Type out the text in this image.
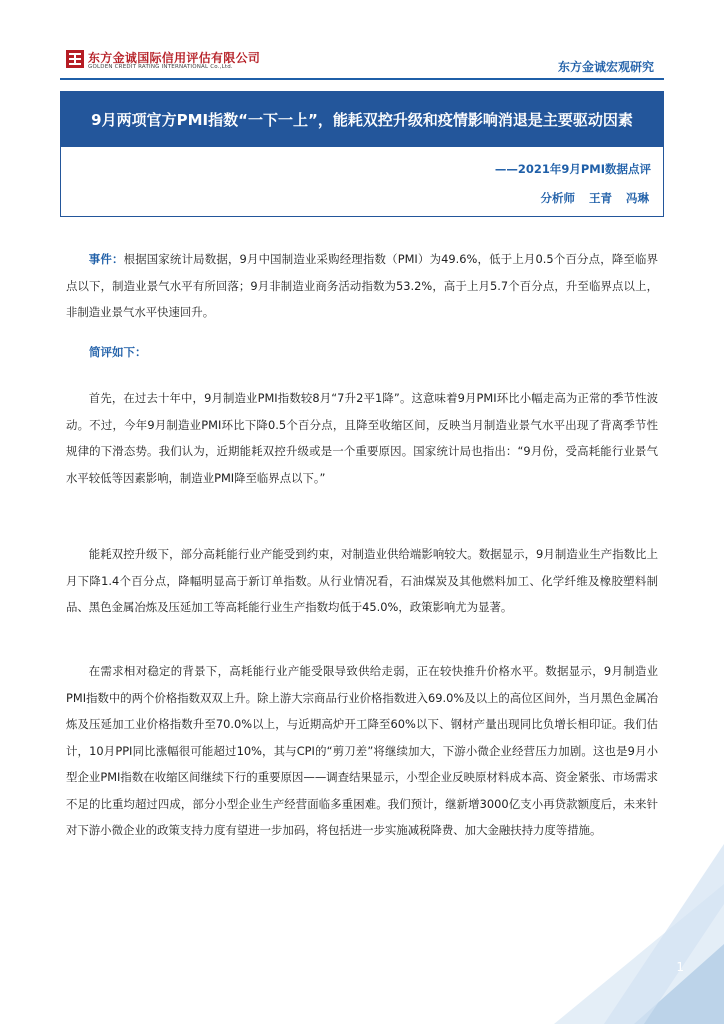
东方金诚国际信用评估有限公司
GOLDEN CREDIT RATING INTERNATIONAL Co.,Ltd.	东方金诚宏观研究
9月两项官方PMI指数“一下一上”，能耗双控升级和疫情影响消退是主要驱动因素
——2021年9月PMI数据点评
分析师 王青 冯琳
事件：根据国家统计局数据，9月中国制造业采购经理指数（PMI）为49.6%，低于上月0.5个百分点，降至临界点以下，制造业景气水平有所回落；9月非制造业商务活动指数为53.2%，高于上月5.7个百分点，升至临界点以上，非制造业景气水平快速回升。
简评如下：
首先，在过去十年中，9月制造业PMI指数较8月“7升2平1降”。这意味着9月PMI环比小幅走高为正常的季节性波动。不过，今年9月制造业PMI环比下降0.5个百分点，且降至收缩区间，反映当月制造业景气水平出现了背离季节性规律的下滑态势。我们认为，近期能耗双控升级或是一个重要原因。国家统计局也指出：“9月份，受高耗能行业景气水平较低等因素影响，制造业PMI降至临界点以下。”
能耗双控升级下，部分高耗能行业产能受到约束，对制造业供给端影响较大。数据显示，9月制造业生产指数比上月下降1.4个百分点，降幅明显高于新订单指数。从行业情况看，石油煤炭及其他燃料加工、化学纤维及橡胶塑料制品、黑色金属冶炼及压延加工等高耗能行业生产指数均低于45.0%，政策影响尤为显著。
在需求相对稳定的背景下，高耗能行业产能受限导致供给走弱，正在较快推升价格水平。数据显示，9月制造业PMI指数中的两个价格指数双双上升。除上游大宗商品行业价格指数进入69.0%及以上的高位区间外，当月黑色金属冶炼及压延加工业价格指数升至70.0%以上，与近期高炉开工降至60%以下、钢材产量出现同比负增长相印证。我们估计，10月PPI同比涨幅很可能超过10%，其与CPI的“剪刀差”将继续加大，下游小微企业经营压力加剧。这也是9月小型企业PMI指数在收缩区间继续下行的重要原因——调查结果显示，小型企业反映原材料成本高、资金紧张、市场需求不足的比重均超过四成，部分小型企业生产经营面临多重困难。我们预计，继新增3000亿支小再贷款额度后，未来针对下游小微企业的政策支持力度有望进一步加码，将包括进一步实施减税降费、加大金融扶持力度等措施。
1
